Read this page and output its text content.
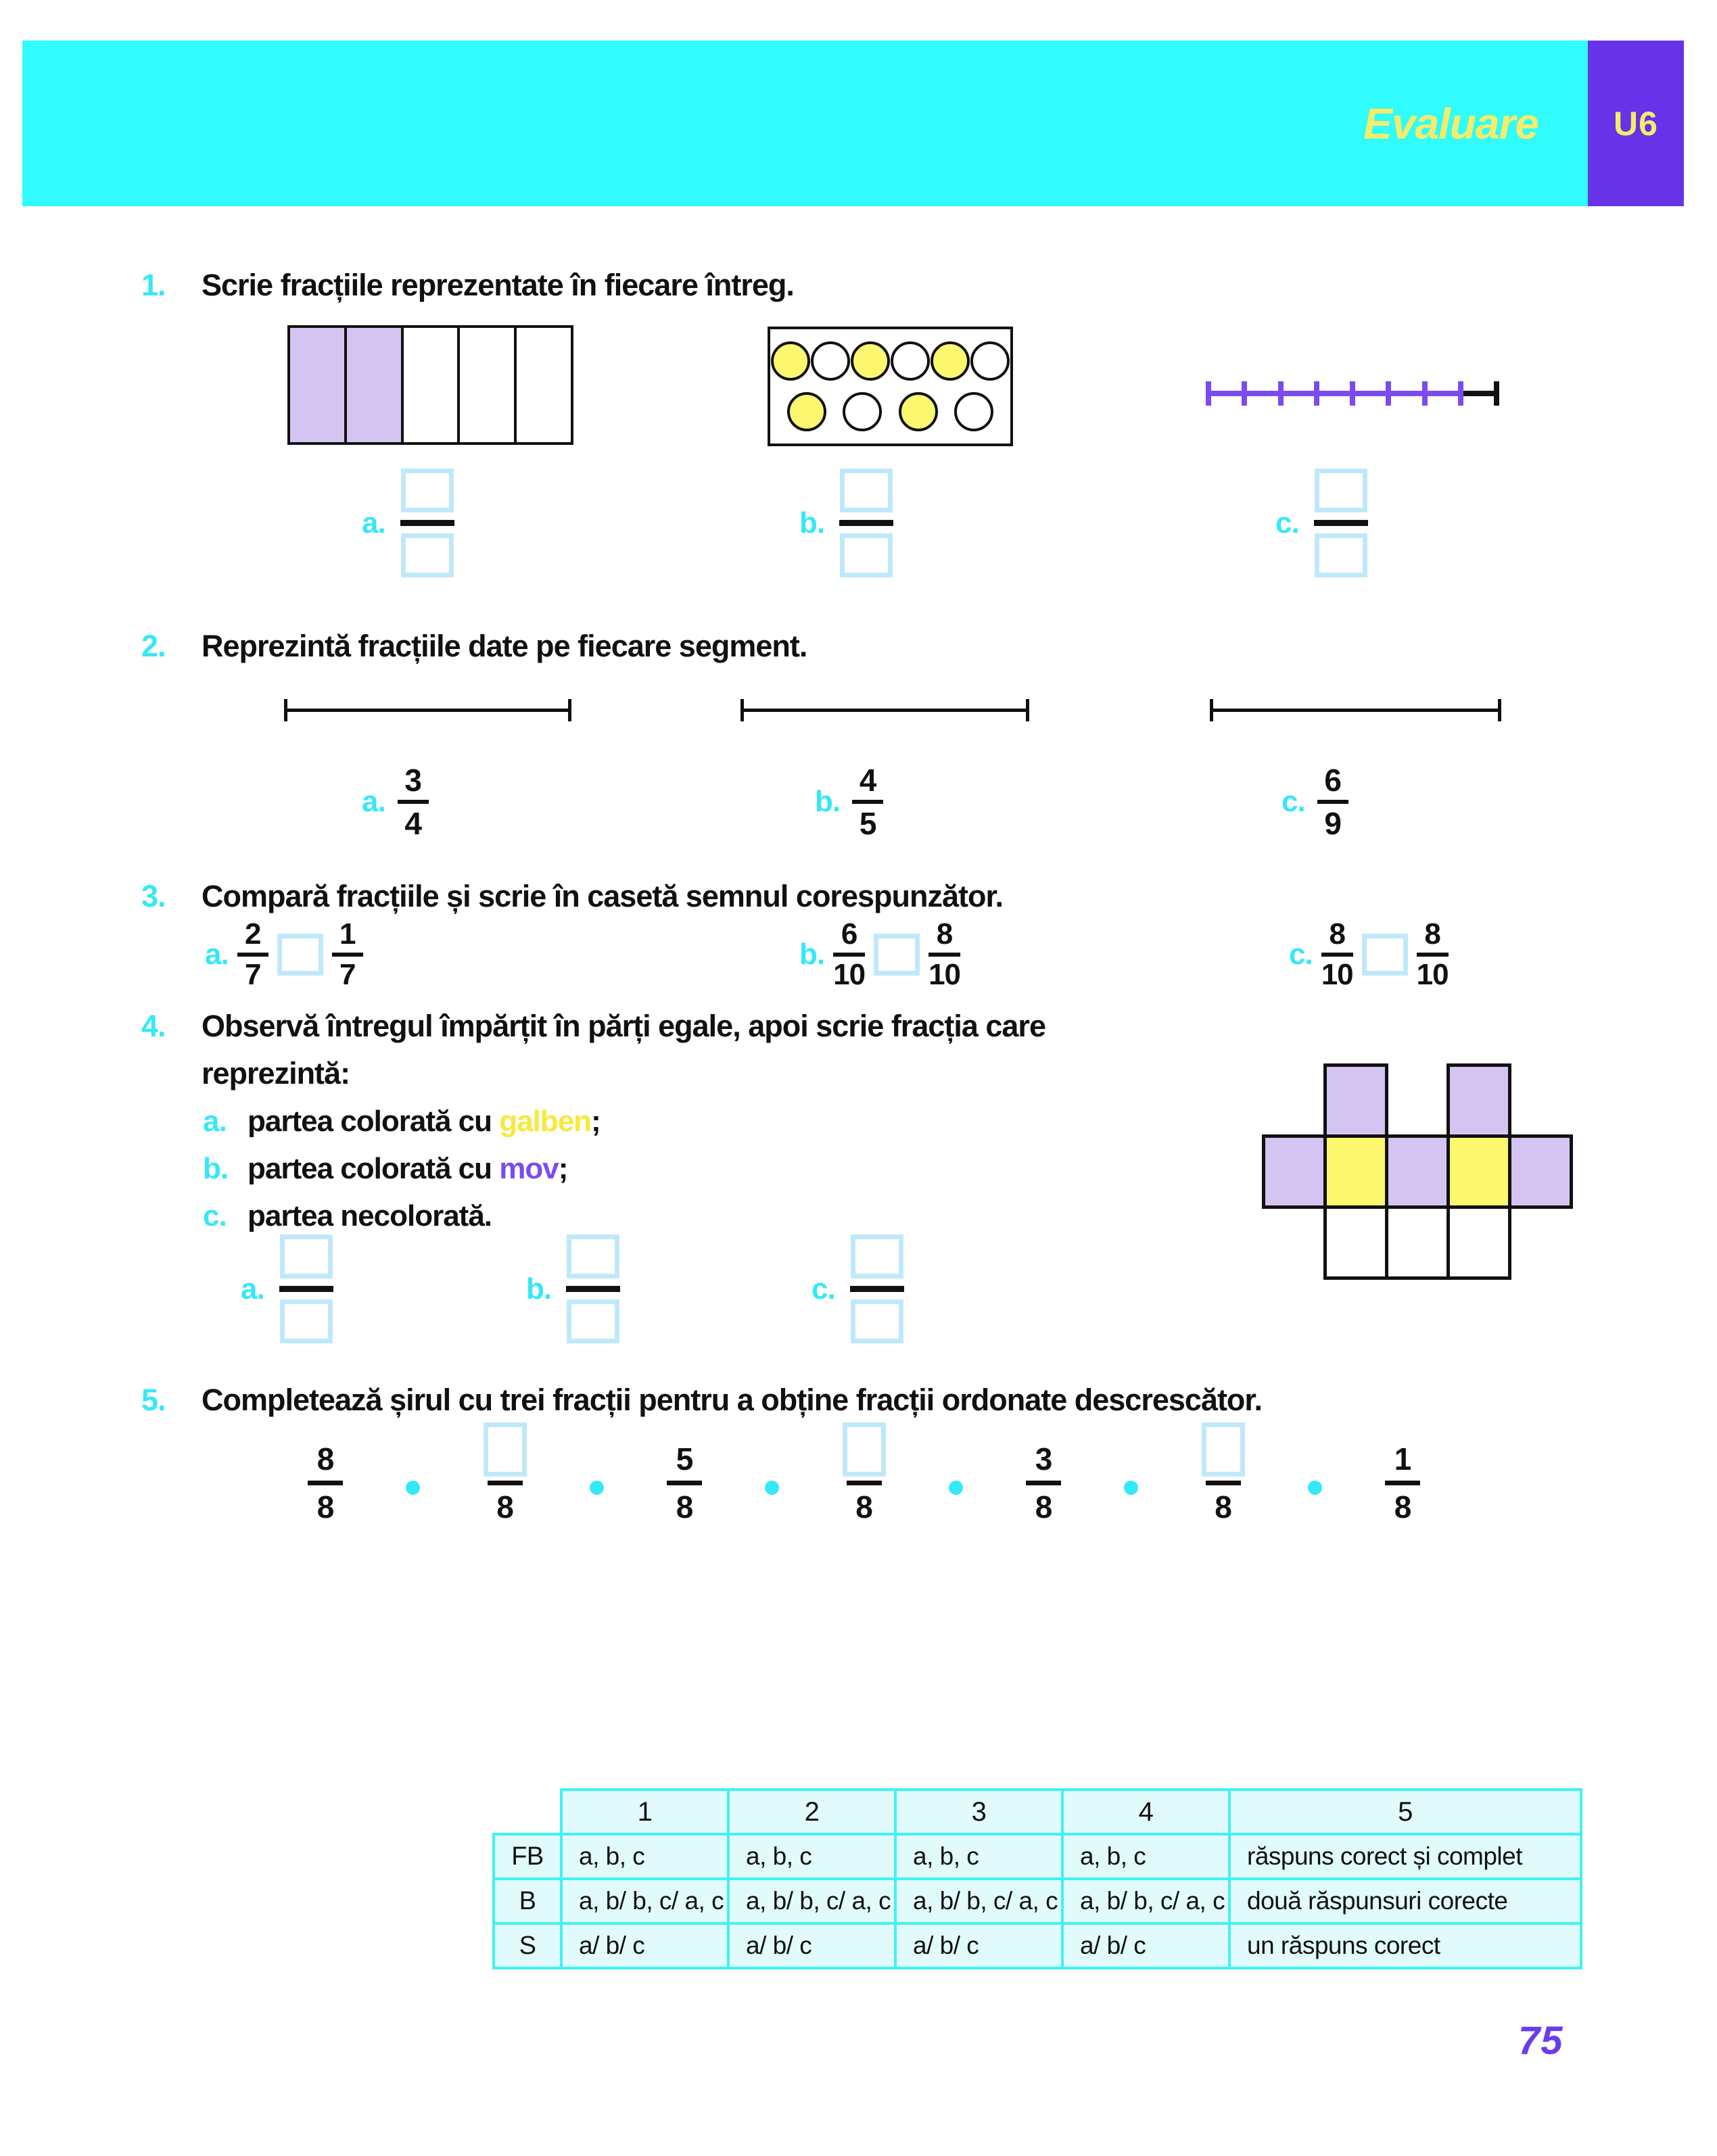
Evaluare U6
1. Scrie fracțiile reprezentate în fiecare întreg.
a.	b.	c.
2. Reprezintă fracțiile date pe fiecare segment.
a.
3
4
b.
4
5
c.
6
9
3. Compară fracțiile și scrie în casetă semnul corespunzător.
a.
2
7
1
7
b.
6
10
8
10
c.
8
10
8
10
4. Observă întregul împărțit în părți egale, apoi scrie fracția care
reprezintă:
a. partea colorată cu galben ;
b. partea colorată cu mov ;
c. partea necolorată.
a.	b.	c.
5. Completează șirul cu trei fracții pentru a obține fracții ordonate descrescător.
8
8	8
5
8	8
3
8	8
1
8
	1	2	3	4	5
FB	a, b, c	a, b, c	a, b, c	a, b, c	răspuns corect și complet
B	a, b/ b, c/ a, c	a, b/ b, c/ a, c	a, b/ b, c/ a, c	a, b/ b, c/ a, c	două răspunsuri corecte
S	a/ b/ c	a/ b/ c	a/ b/ c	a/ b/ c	un răspuns corect
75
